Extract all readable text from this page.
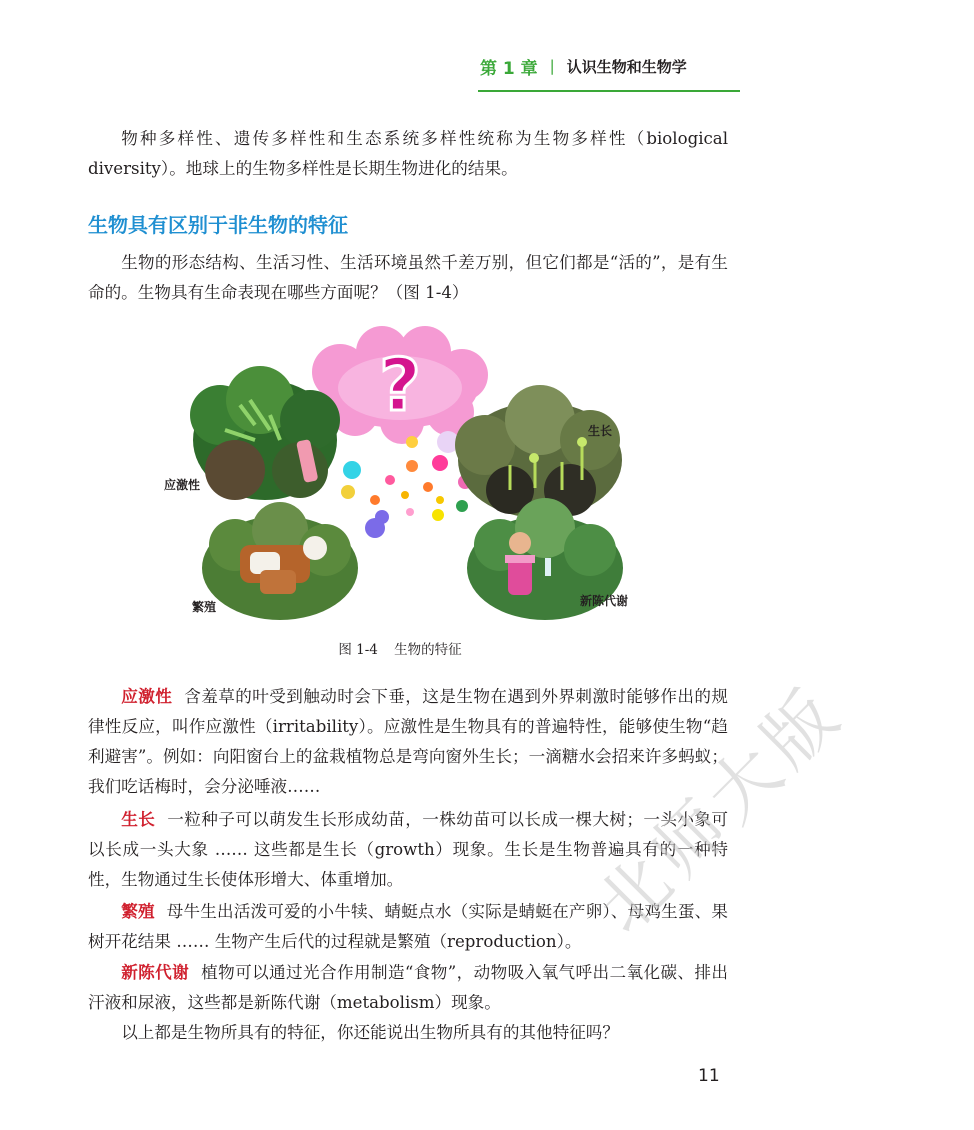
第 1 章 | 认识生物和生物学

物种多样性、遗传多样性和生态系统多样性统称为生物多样性（biological diversity）。地球上的生物多样性是长期生物进化的结果。

生物具有区别于非生物的特征

生物的形态结构、生活习性、生活环境虽然千差万别，但它们都是“活的”，是有生命的。生物具有生命表现在哪些方面呢？（图 1-4）

?
应激性
生长
繁殖	新陈代谢
图 1-4 生物的特征

应激性 含羞草的叶受到触动时会下垂，这是生物在遇到外界刺激时能够作出的规律性反应，叫作应激性（irritability）。应激性是生物具有的普遍特性，能够使生物“趋利避害”。例如：向阳窗台上的盆栽植物总是弯向窗外生长；一滴糖水会招来许多蚂蚁；我们吃话梅时，会分泌唾液……

生长 一粒种子可以萌发生长形成幼苗，一株幼苗可以长成一棵大树；一头小象可以长成一头大象 …… 这些都是生长（growth）现象。生长是生物普遍具有的一种特性，生物通过生长使体形增大、体重增加。

繁殖 母牛生出活泼可爱的小牛犊、蜻蜓点水（实际是蜻蜓在产卵）、母鸡生蛋、果树开花结果 …… 生物产生后代的过程就是繁殖（reproduction）。

新陈代谢 植物可以通过光合作用制造“食物”，动物吸入氧气呼出二氧化碳、排出汗液和尿液，这些都是新陈代谢（metabolism）现象。

以上都是生物所具有的特征，你还能说出生物所具有的其他特征吗？

北师大版
11
